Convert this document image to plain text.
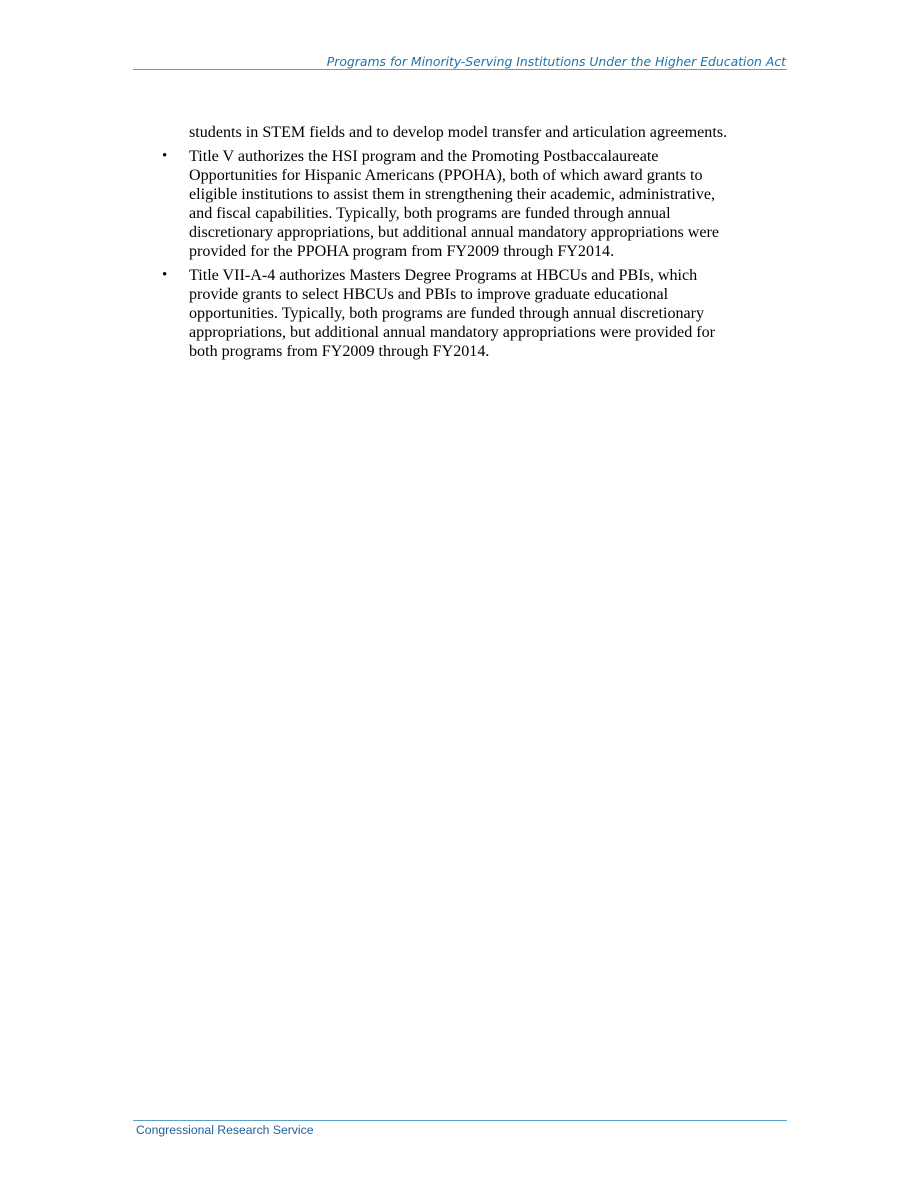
Programs for Minority-Serving Institutions Under the Higher Education Act

students in STEM fields and to develop model transfer and articulation agreements.

• Title V authorizes the HSI program and the Promoting Postbaccalaureate Opportunities for Hispanic Americans (PPOHA), both of which award grants to eligible institutions to assist them in strengthening their academic, administrative, and fiscal capabilities. Typically, both programs are funded through annual discretionary appropriations, but additional annual mandatory appropriations were provided for the PPOHA program from FY2009 through FY2014.
• Title VII-A-4 authorizes Masters Degree Programs at HBCUs and PBIs, which provide grants to select HBCUs and PBIs to improve graduate educational opportunities. Typically, both programs are funded through annual discretionary appropriations, but additional annual mandatory appropriations were provided for both programs from FY2009 through FY2014.
Congressional Research Service
